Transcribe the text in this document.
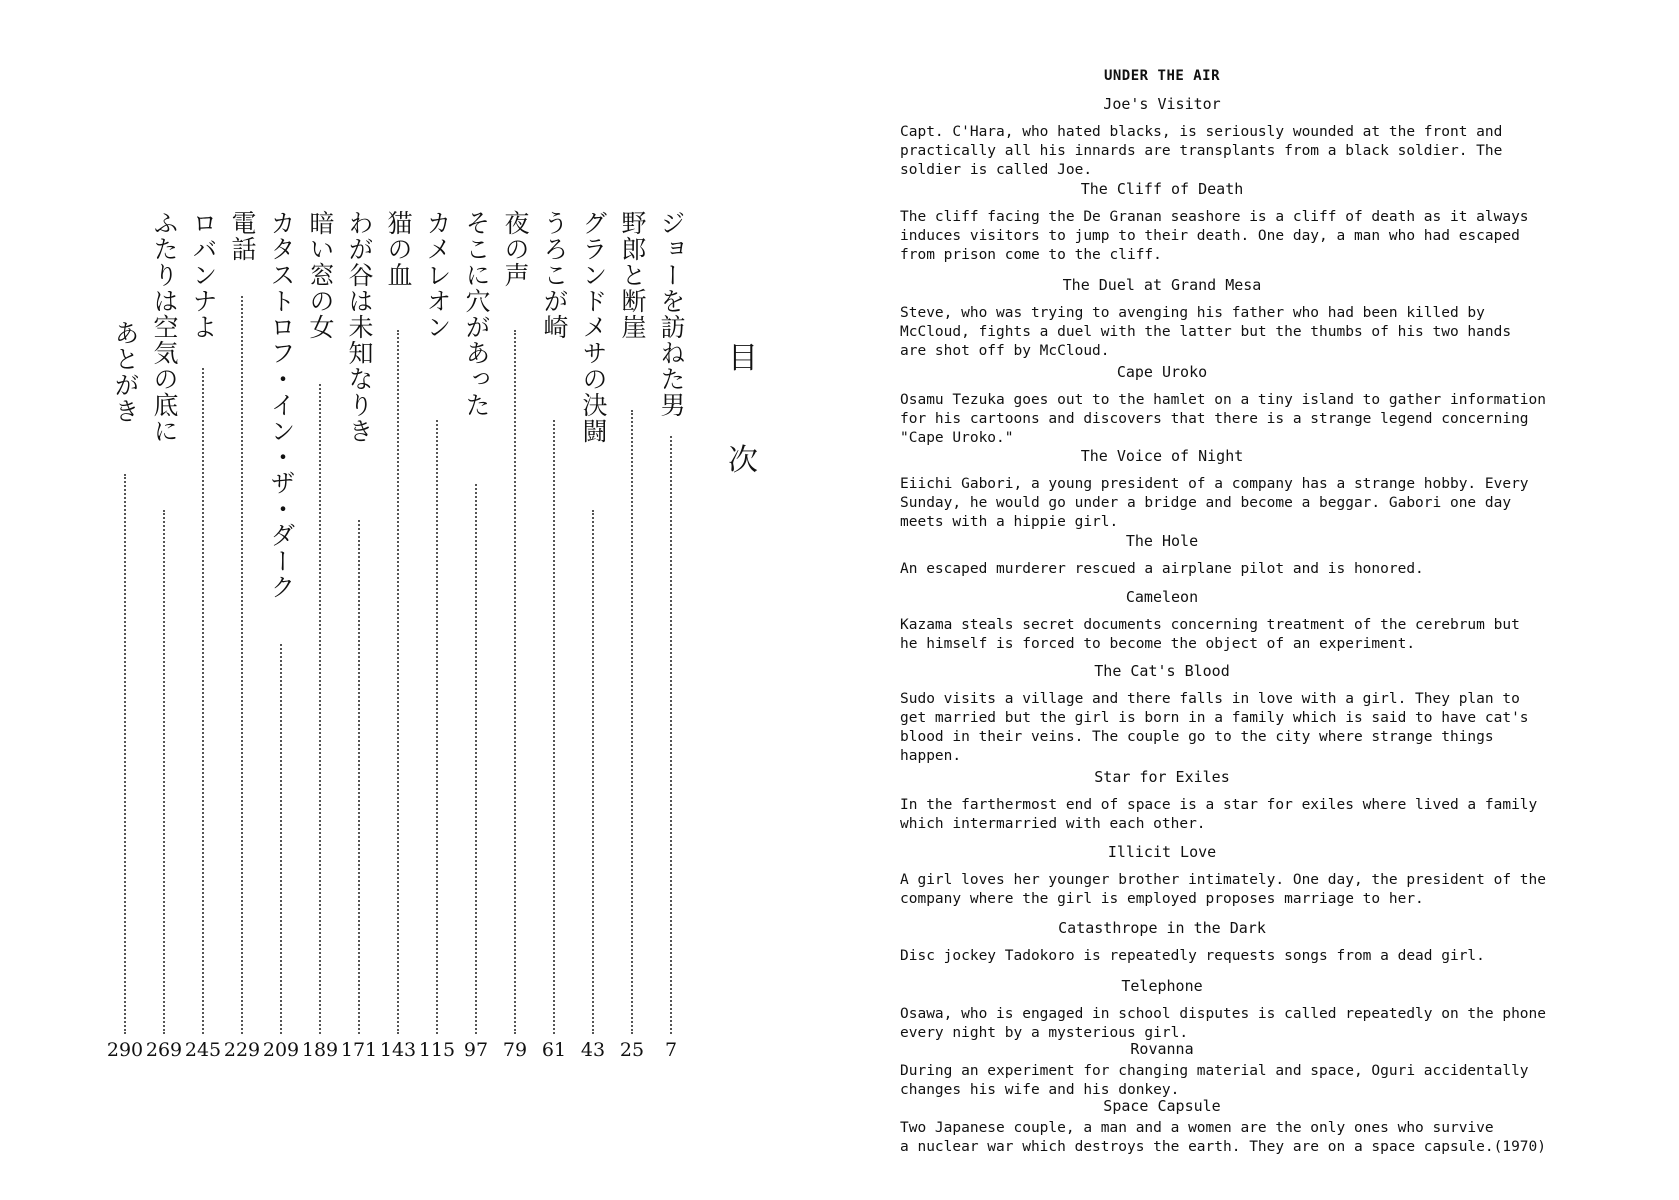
目
次
ジョーを訪ねた男
7
野郎と断崖
25
グランドメサの決闘
43
うろこが崎
61
夜の声
79
そこに穴があった
97
カメレオン
115
猫の血
143
わが谷は未知なりき
171
暗い窓の女
189
カタストロフ・イン・ザ・ダーク
209
電話
229
ロバンナよ
245
ふたりは空気の底に
269
あとがき
290
UNDER THE AIR
Joe's Visitor
Capt. C'Hara, who hated blacks, is seriously wounded at the front and
practically all his innards are transplants from a black soldier. The
soldier is called Joe.
The Cliff of Death
The cliff facing the De Granan seashore is a cliff of death as it always
induces visitors to jump to their death. One day, a man who had escaped
from prison come to the cliff.
The Duel at Grand Mesa
Steve, who was trying to avenging his father who had been killed by
McCloud, fights a duel with the latter but the thumbs of his two hands
are shot off by McCloud.
Cape Uroko
Osamu Tezuka goes out to the hamlet on a tiny island to gather information
for his cartoons and discovers that there is a strange legend concerning
"Cape Uroko."
The Voice of Night
Eiichi Gabori, a young president of a company has a strange hobby. Every
Sunday, he would go under a bridge and become a beggar. Gabori one day
meets with a hippie girl.
The Hole
An escaped murderer rescued a airplane pilot and is honored.
Cameleon
Kazama steals secret documents concerning treatment of the cerebrum but
he himself is forced to become the object of an experiment.
The Cat's Blood
Sudo visits a village and there falls in love with a girl. They plan to
get married but the girl is born in a family which is said to have cat's
blood in their veins. The couple go to the city where strange things
happen.
Star for Exiles
In the farthermost end of space is a star for exiles where lived a family
which intermarried with each other.
Illicit Love
A girl loves her younger brother intimately. One day, the president of the
company where the girl is employed proposes marriage to her.
Catasthrope in the Dark
Disc jockey Tadokoro is repeatedly requests songs from a dead girl.
Telephone
Osawa, who is engaged in school disputes is called repeatedly on the phone
every night by a mysterious girl.
Rovanna
During an experiment for changing material and space, Oguri accidentally
changes his wife and his donkey.
Space Capsule
Two Japanese couple, a man and a women are the only ones who survive
a nuclear war which destroys the earth. They are on a space capsule.(1970)
